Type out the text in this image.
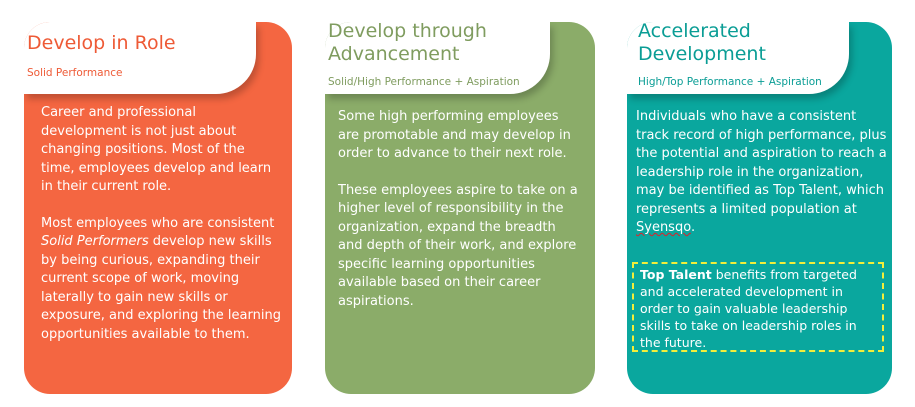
Develop in Role
Solid Performance

Career and professional development is not just about changing positions. Most of the time, employees develop and learn in their current role.

Most employees who are consistent Solid Performers develop new skills by being curious, expanding their current scope of work, moving laterally to gain new skills or exposure, and exploring the learning opportunities available to them.

Develop through
Advancement
Solid/High Performance + Aspiration

Some high performing employees are promotable and may develop in order to advance to their next role.

These employees aspire to take on a higher level of responsibility in the organization, expand the breadth and depth of their work, and explore specific learning opportunities available based on their career aspirations.

Accelerated
Development
High/Top Performance + Aspiration

Individuals who have a consistent track record of high performance, plus the potential and aspiration to reach a leadership role in the organization, may be identified as Top Talent, which represents a limited population at Syensqo.

Top Talent benefits from targeted and accelerated development in order to gain valuable leadership skills to take on leadership roles in the future.
